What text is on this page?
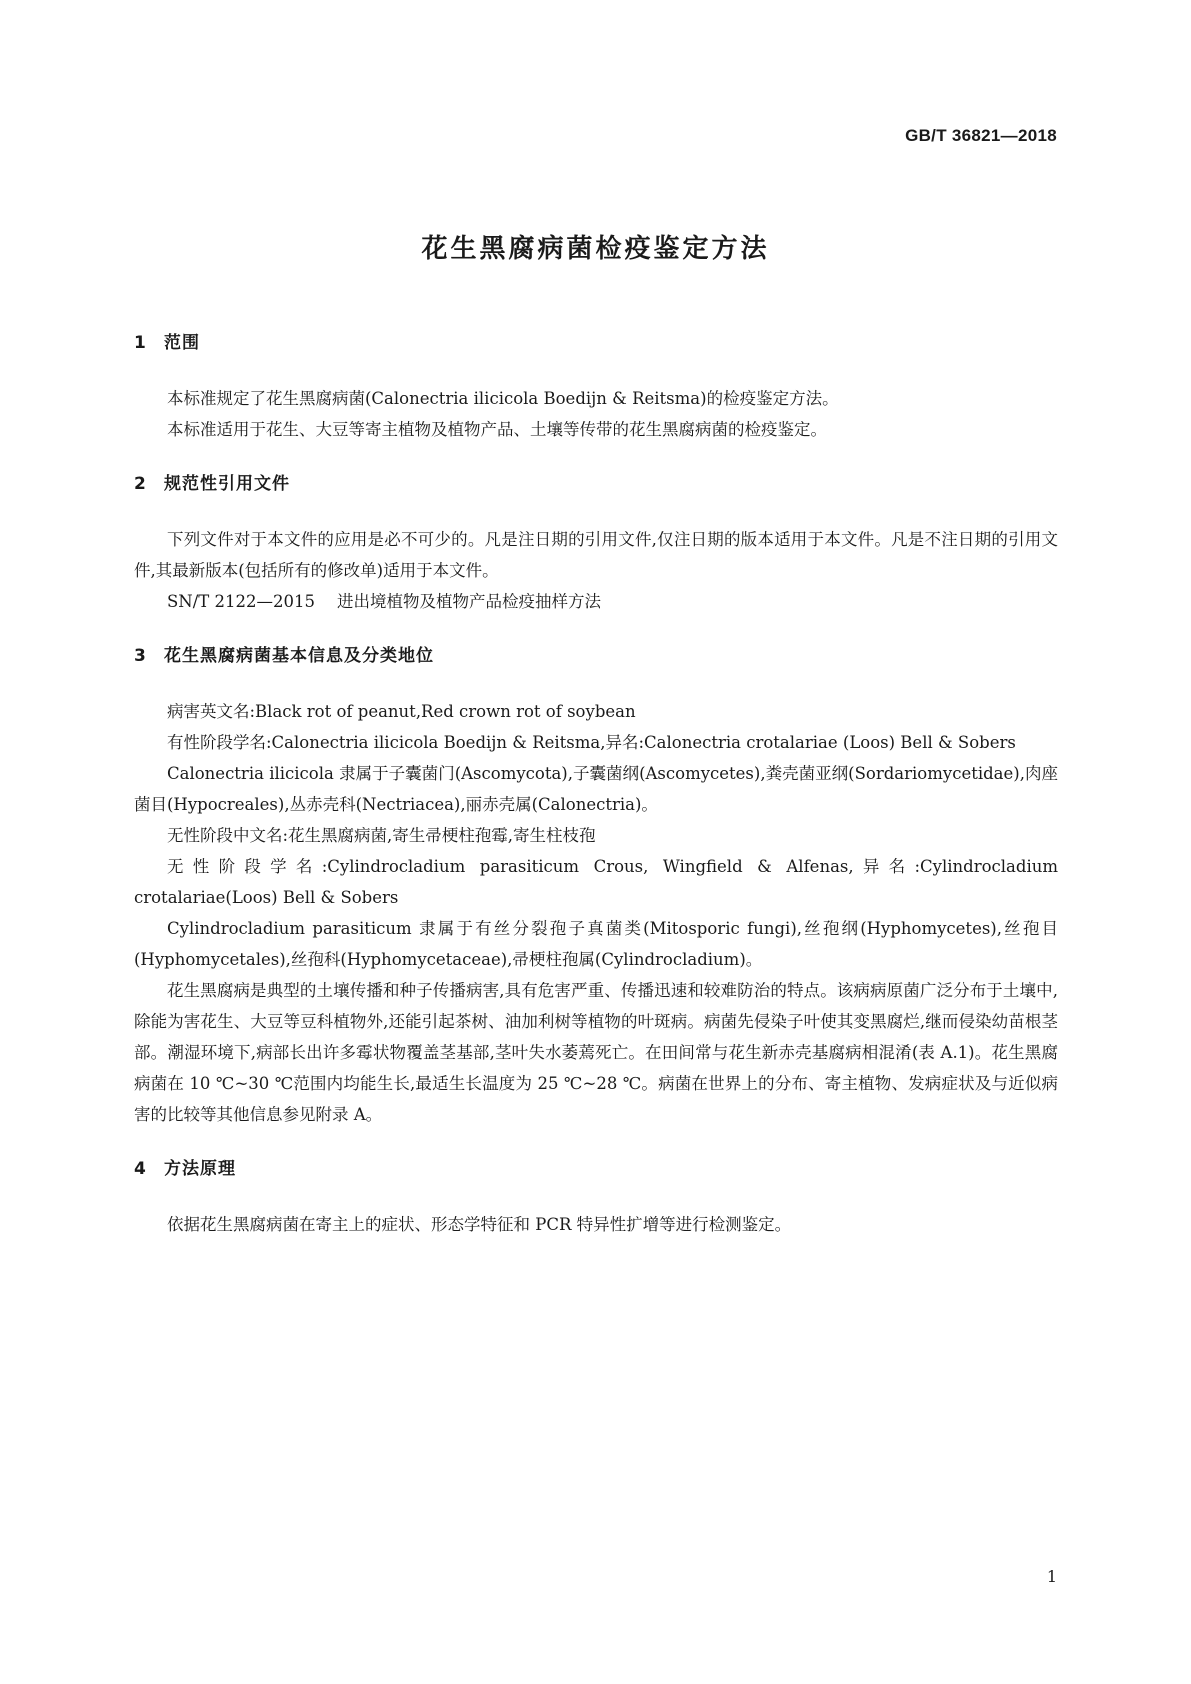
GB/T 36821—2018
花生黑腐病菌检疫鉴定方法
1 范围

本标准规定了花生黑腐病菌(Calonectria ilicicola Boedijn & Reitsma)的检疫鉴定方法。

本标准适用于花生、大豆等寄主植物及植物产品、土壤等传带的花生黑腐病菌的检疫鉴定。

2 规范性引用文件

下列文件对于本文件的应用是必不可少的。凡是注日期的引用文件,仅注日期的版本适用于本文件。凡是不注日期的引用文件,其最新版本(包括所有的修改单)适用于本文件。

SN/T 2122—2015 进出境植物及植物产品检疫抽样方法

3 花生黑腐病菌基本信息及分类地位

病害英文名:Black rot of peanut,Red crown rot of soybean

有性阶段学名:Calonectria ilicicola Boedijn & Reitsma,异名:Calonectria crotalariae (Loos) Bell & Sobers

Calonectria ilicicola 隶属于子囊菌门(Ascomycota),子囊菌纲(Ascomycetes),粪壳菌亚纲(Sordariomycetidae),肉座菌目(Hypocreales),丛赤壳科(Nectriacea),丽赤壳属(Calonectria)。

无性阶段中文名:花生黑腐病菌,寄生帚梗柱孢霉,寄生柱枝孢

无性阶段学名:Cylindrocladium parasiticum Crous, Wingfield & Alfenas,异名:Cylindrocladium crotalariae(Loos) Bell & Sobers

Cylindrocladium parasiticum 隶属于有丝分裂孢子真菌类(Mitosporic fungi),丝孢纲(Hyphomycetes),丝孢目(Hyphomycetales),丝孢科(Hyphomycetaceae),帚梗柱孢属(Cylindrocladium)。

花生黑腐病是典型的土壤传播和种子传播病害,具有危害严重、传播迅速和较难防治的特点。该病病原菌广泛分布于土壤中,除能为害花生、大豆等豆科植物外,还能引起茶树、油加利树等植物的叶斑病。病菌先侵染子叶使其变黑腐烂,继而侵染幼苗根茎部。潮湿环境下,病部长出许多霉状物覆盖茎基部,茎叶失水萎蔫死亡。在田间常与花生新赤壳基腐病相混淆(表 A.1)。花生黑腐病菌在 10 ℃~30 ℃范围内均能生长,最适生长温度为 25 ℃~28 ℃。病菌在世界上的分布、寄主植物、发病症状及与近似病害的比较等其他信息参见附录 A。

4 方法原理

依据花生黑腐病菌在寄主上的症状、形态学特征和 PCR 特异性扩增等进行检测鉴定。

1
